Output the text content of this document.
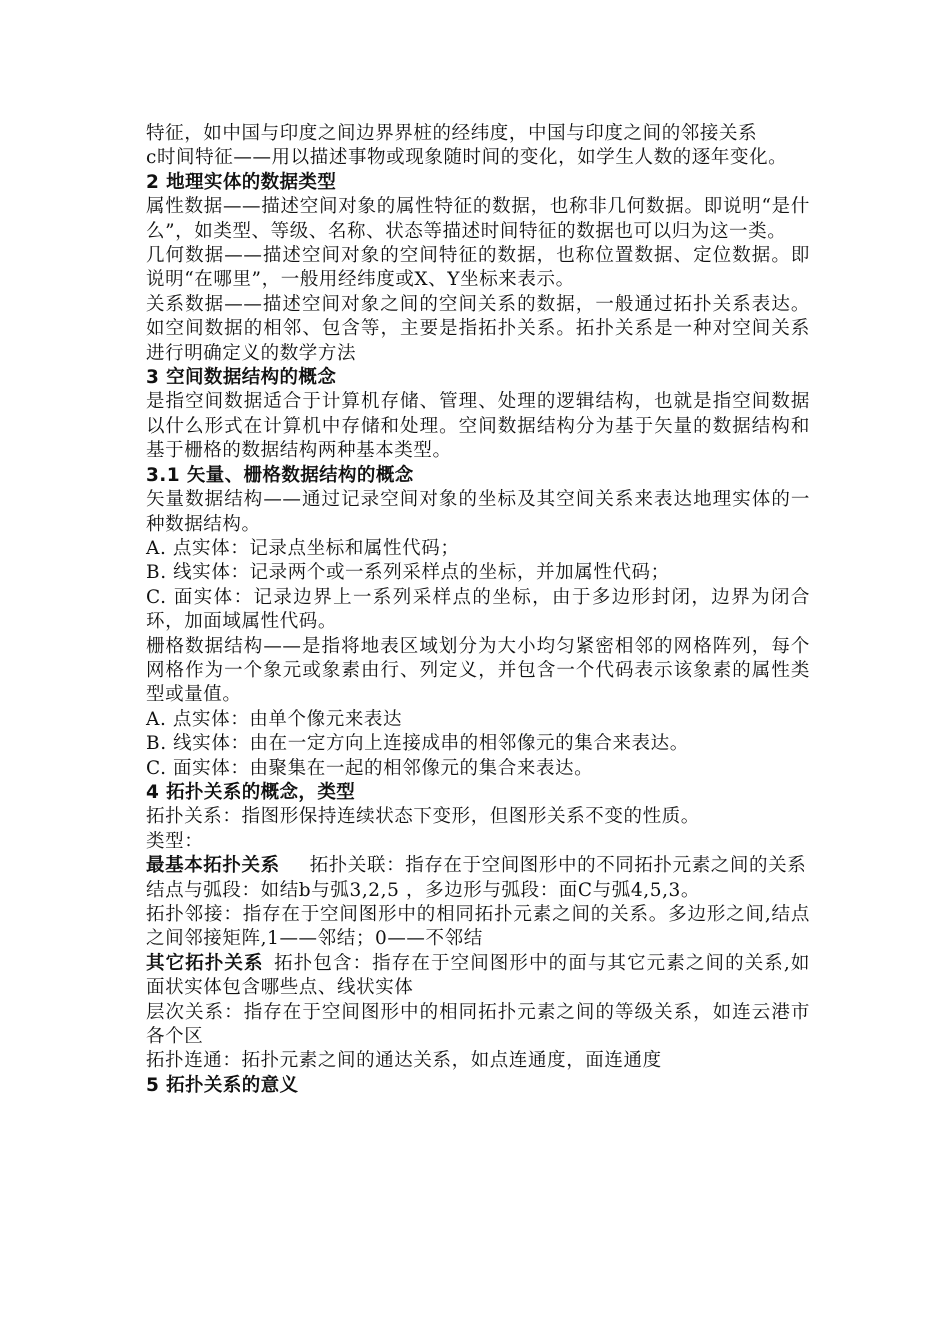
特征，如中国与印度之间边界界桩的经纬度，中国与印度之间的邻接关系

c时间特征——用以描述事物或现象随时间的变化，如学生人数的逐年变化。

2 地理实体的数据类型

属性数据——描述空间对象的属性特征的数据，也称非几何数据。即说明“是什么”，如类型、等级、名称、状态等描述时间特征的数据也可以归为这一类。

几何数据——描述空间对象的空间特征的数据，也称位置数据、定位数据。即说明“在哪里”，一般用经纬度或X、Y坐标来表示。

关系数据——描述空间对象之间的空间关系的数据，一般通过拓扑关系表达。如空间数据的相邻、包含等，主要是指拓扑关系。拓扑关系是一种对空间关系进行明确定义的数学方法

3 空间数据结构的概念

是指空间数据适合于计算机存储、管理、处理的逻辑结构，也就是指空间数据以什么形式在计算机中存储和处理。空间数据结构分为基于矢量的数据结构和基于栅格的数据结构两种基本类型。

3.1 矢量、栅格数据结构的概念

矢量数据结构——通过记录空间对象的坐标及其空间关系来表达地理实体的一种数据结构。

A. 点实体：记录点坐标和属性代码；

B. 线实体：记录两个或一系列采样点的坐标，并加属性代码；

C. 面实体：记录边界上一系列采样点的坐标，由于多边形封闭，边界为闭合环，加面域属性代码。

栅格数据结构——是指将地表区域划分为大小均匀紧密相邻的网格阵列，每个网格作为一个象元或象素由行、列定义，并包含一个代码表示该象素的属性类型或量值。

A. 点实体：由单个像元来表达

B. 线实体：由在一定方向上连接成串的相邻像元的集合来表达。

C. 面实体：由聚集在一起的相邻像元的集合来表达。

4 拓扑关系的概念，类型

拓扑关系：指图形保持连续状态下变形，但图形关系不变的性质。

类型：

最基本拓扑关系 拓扑关联：指存在于空间图形中的不同拓扑元素之间的关系

结点与弧段：如结b与弧3,2,5 ，多边形与弧段：面C与弧4,5,3。

拓扑邻接：指存在于空间图形中的相同拓扑元素之间的关系。多边形之间,结点之间邻接矩阵,1——邻结；0——不邻结

其它拓扑关系 拓扑包含：指存在于空间图形中的面与其它元素之间的关系,如面状实体包含哪些点、线状实体

层次关系：指存在于空间图形中的相同拓扑元素之间的等级关系，如连云港市各个区

拓扑连通：拓扑元素之间的通达关系，如点连通度，面连通度

5 拓扑关系的意义
